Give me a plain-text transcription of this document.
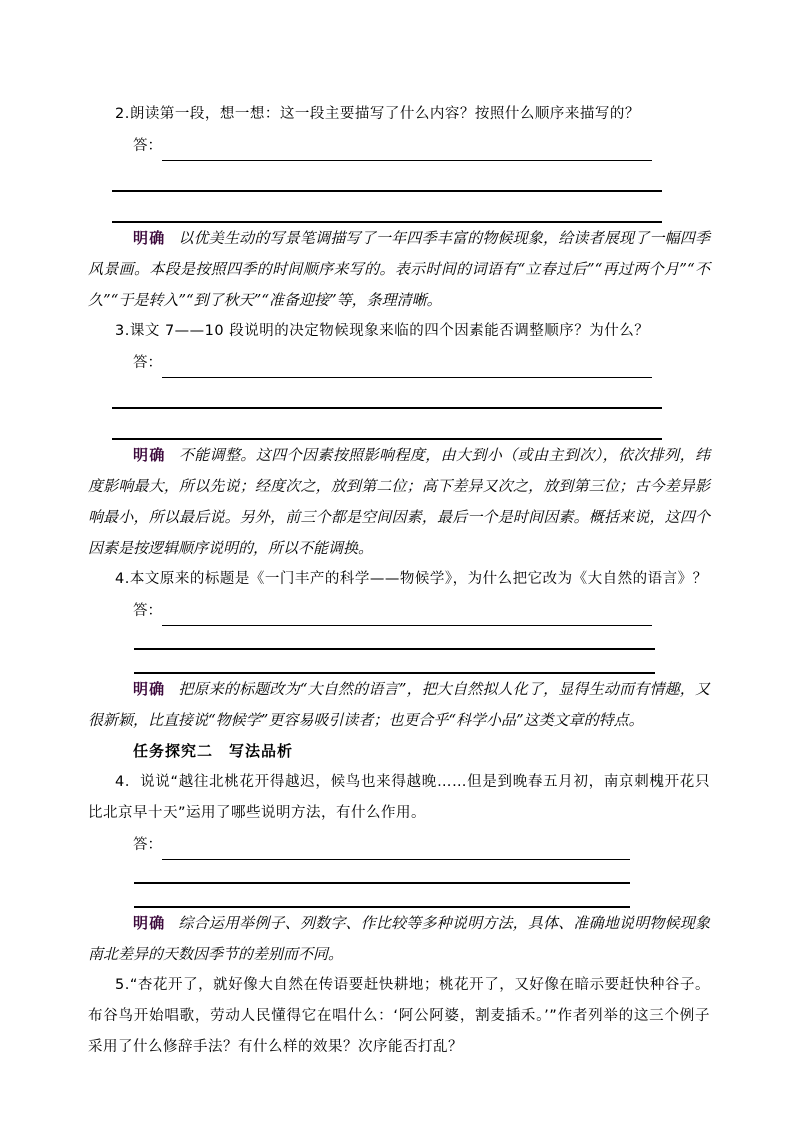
2.朗读第一段，想一想：这一段主要描写了什么内容？按照什么顺序来描写的？

答：

明确 以优美生动的写景笔调描写了一年四季丰富的物候现象，给读者展现了一幅四季风景画。本段是按照四季的时间顺序来写的。表示时间的词语有“立春过后”“再过两个月”“不久”“于是转入”“到了秋天”“准备迎接”等，条理清晰。

3.课文 7——10 段说明的决定物候现象来临的四个因素能否调整顺序？为什么？

答：

明确 不能调整。这四个因素按照影响程度，由大到小（或由主到次），依次排列，纬度影响最大，所以先说；经度次之，放到第二位；高下差异又次之，放到第三位；古今差异影响最小，所以最后说。另外，前三个都是空间因素，最后一个是时间因素。概括来说，这四个因素是按逻辑顺序说明的，所以不能调换。

4.本文原来的标题是《一门丰产的科学——物候学》，为什么把它改为《大自然的语言》？

答：

明确 把原来的标题改为“大自然的语言”，把大自然拟人化了，显得生动而有情趣，又很新颖，比直接说“物候学”更容易吸引读者；也更合乎“科学小品”这类文章的特点。

任务探究二　写法品析

4．说说“越往北桃花开得越迟，候鸟也来得越晚……但是到晚春五月初，南京刺槐开花只比北京早十天”运用了哪些说明方法，有什么作用。

答：

明确 综合运用举例子、列数字、作比较等多种说明方法，具体、准确地说明物候现象南北差异的天数因季节的差别而不同。

5.“杏花开了，就好像大自然在传语要赶快耕地；桃花开了，又好像在暗示要赶快种谷子。布谷鸟开始唱歌，劳动人民懂得它在唱什么：‘阿公阿婆，割麦插禾。’”作者列举的这三个例子采用了什么修辞手法？有什么样的效果？次序能否打乱？
